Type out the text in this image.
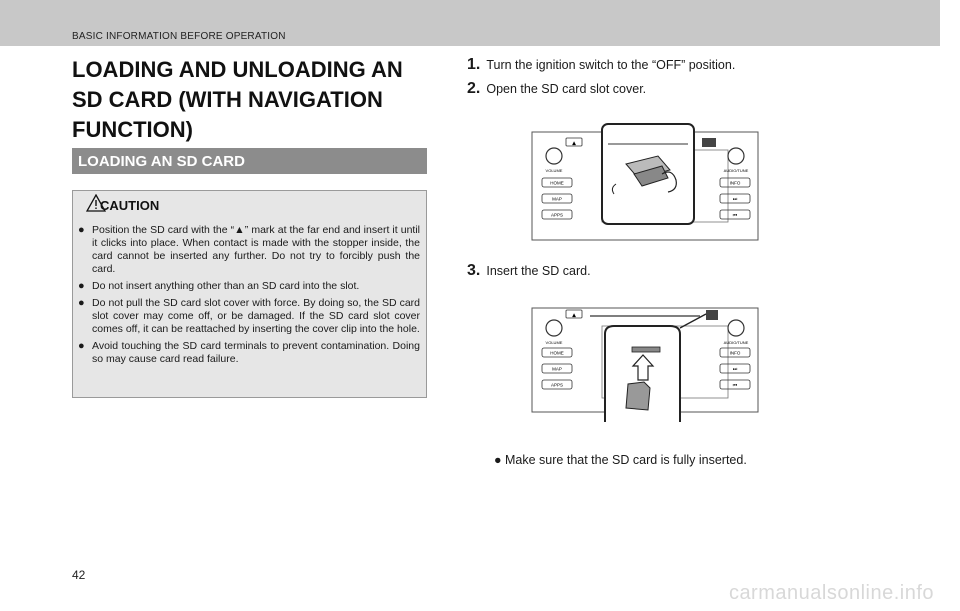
BASIC INFORMATION BEFORE OPERATION
LOADING AND UNLOADING AN
SD CARD (WITH NAVIGATION
FUNCTION)
LOADING AN SD CARD
CAUTION
● Position the SD card with the “▲” mark at the far end and insert it until it clicks into place. When contact is made with the stopper inside, the card cannot be inserted any further. Do not try to forcibly push the card.
● Do not insert anything other than an SD card into the slot.
● Do not pull the SD card slot cover with force. By doing so, the SD card slot cover may come off, or be damaged. If the SD card slot cover comes off, it can be reattached by inserting the cover clip into the hole.
● Avoid touching the SD card terminals to prevent contamination. Doing so may cause card read failure.
1. Turn the ignition switch to the “OFF” position.
2. Open the SD card slot cover.
VOLUME	AUDIO/TUNE
HOME
MAP
APPS
INFO
⏭
⏮
▲
3. Insert the SD card.
VOLUME	AUDIO/TUNE
HOME
MAP
APPS
INFO
⏭
⏮
▲
● Make sure that the SD card is fully inserted.
42
carmanualsonline.info
